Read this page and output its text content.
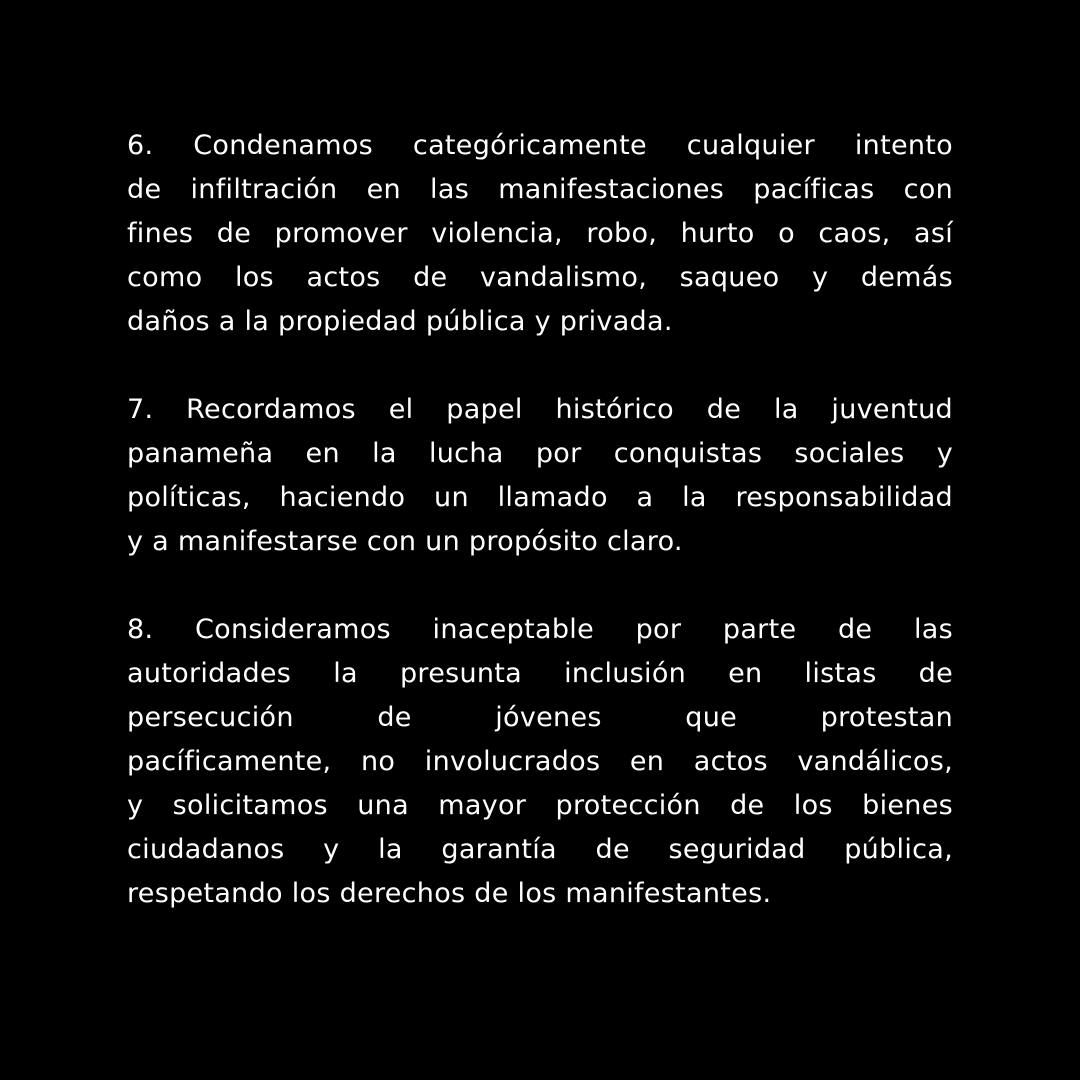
6. Condenamos categóricamente cualquier intento
de infiltración en las manifestaciones pacíficas con
fines de promover violencia, robo, hurto o caos, así
como los actos de vandalismo, saqueo y demás
daños a la propiedad pública y privada.
7. Recordamos el papel histórico de la juventud
panameña en la lucha por conquistas sociales y
políticas, haciendo un llamado a la responsabilidad
y a manifestarse con un propósito claro.
8. Consideramos inaceptable por parte de las
autoridades la presunta inclusión en listas de
persecución de jóvenes que protestan
pacíficamente, no involucrados en actos vandálicos,
y solicitamos una mayor protección de los bienes
ciudadanos y la garantía de seguridad pública,
respetando los derechos de los manifestantes.
